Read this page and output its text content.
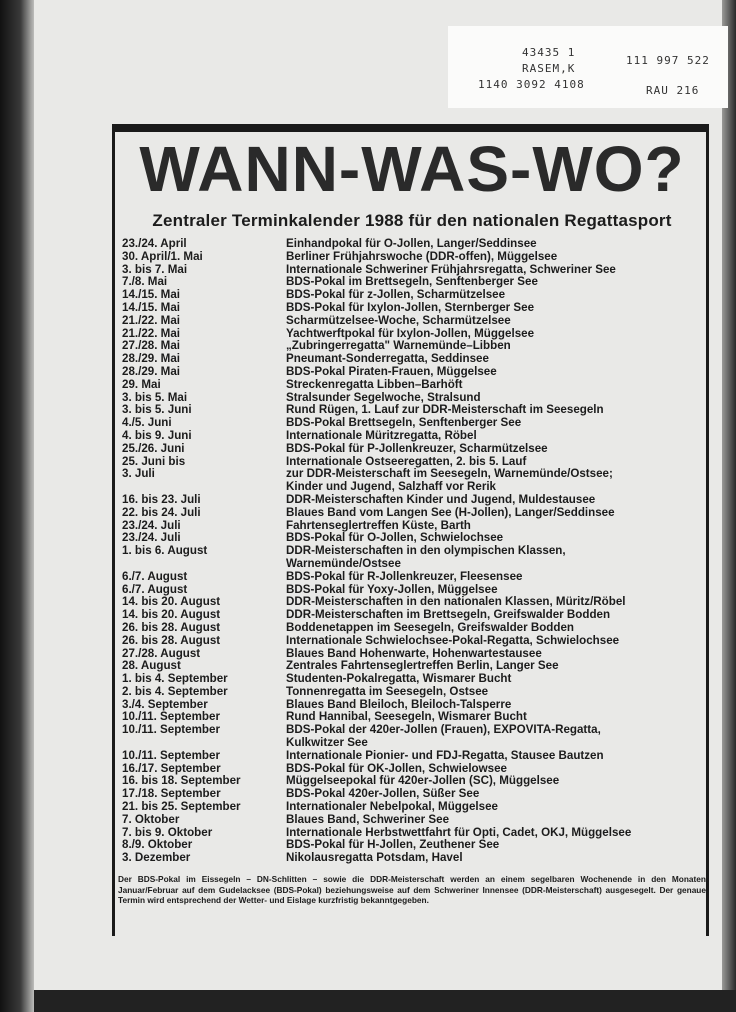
43435 1
111 997 522
RASEM,K
1140 3092 4108	RAU 216
WANN-WAS-WO?
Zentraler Terminkalender 1988 für den nationalen Regattasport
23./24. April	Einhandpokal für O-Jollen, Langer/Seddinsee
30. April/1. Mai	Berliner Frühjahrswoche (DDR-offen), Müggelsee
3. bis 7. Mai	Internationale Schweriner Frühjahrsregatta, Schweriner See
7./8. Mai	BDS-Pokal im Brettsegeln, Senftenberger See
14./15. Mai	BDS-Pokal für z-Jollen, Scharmützelsee
14./15. Mai	BDS-Pokal für Ixylon-Jollen, Sternberger See
21./22. Mai	Scharmützelsee-Woche, Scharmützelsee
21./22. Mai	Yachtwerftpokal für Ixylon-Jollen, Müggelsee
27./28. Mai	„Zubringerregatta" Warnemünde–Libben
28./29. Mai	Pneumant-Sonderregatta, Seddinsee
28./29. Mai	BDS-Pokal Piraten-Frauen, Müggelsee
29. Mai	Streckenregatta Libben–Barhöft
3. bis 5. Mai	Stralsunder Segelwoche, Stralsund
3. bis 5. Juni	Rund Rügen, 1. Lauf zur DDR-Meisterschaft im Seesegeln
4./5. Juni	BDS-Pokal Brettsegeln, Senftenberger See
4. bis 9. Juni	Internationale Müritzregatta, Röbel
25./26. Juni	BDS-Pokal für P-Jollenkreuzer, Scharmützelsee
25. Juni bis	Internationale Ostseeregatten, 2. bis 5. Lauf
3. Juli	zur DDR-Meisterschaft im Seesegeln, Warnemünde/Ostsee;
Kinder und Jugend, Salzhaff vor Rerik
16. bis 23. Juli	DDR-Meisterschaften Kinder und Jugend, Muldestausee
22. bis 24. Juli	Blaues Band vom Langen See (H-Jollen), Langer/Seddinsee
23./24. Juli	Fahrtenseglertreffen Küste, Barth
23./24. Juli	BDS-Pokal für O-Jollen, Schwielochsee
1. bis 6. August	DDR-Meisterschaften in den olympischen Klassen,
Warnemünde/Ostsee
6./7. August	BDS-Pokal für R-Jollenkreuzer, Fleesensee
6./7. August	BDS-Pokal für Yoxy-Jollen, Müggelsee
14. bis 20. August	DDR-Meisterschaften in den nationalen Klassen, Müritz/Röbel
14. bis 20. August	DDR-Meisterschaften im Brettsegeln, Greifswalder Bodden
26. bis 28. August	Boddenetappen im Seesegeln, Greifswalder Bodden
26. bis 28. August	Internationale Schwielochsee-Pokal-Regatta, Schwielochsee
27./28. August	Blaues Band Hohenwarte, Hohenwartestausee
28. August	Zentrales Fahrtenseglertreffen Berlin, Langer See
1. bis 4. September	Studenten-Pokalregatta, Wismarer Bucht
2. bis 4. September	Tonnenregatta im Seesegeln, Ostsee
3./4. September	Blaues Band Bleiloch, Bleiloch-Talsperre
10./11. September	Rund Hannibal, Seesegeln, Wismarer Bucht
10./11. September	BDS-Pokal der 420er-Jollen (Frauen), EXPOVITA-Regatta,
Kulkwitzer See
10./11. September	Internationale Pionier- und FDJ-Regatta, Stausee Bautzen
16./17. September	BDS-Pokal für OK-Jollen, Schwielowsee
16. bis 18. September	Müggelseepokal für 420er-Jollen (SC), Müggelsee
17./18. September	BDS-Pokal 420er-Jollen, Süßer See
21. bis 25. September	Internationaler Nebelpokal, Müggelsee
7. Oktober	Blaues Band, Schweriner See
7. bis 9. Oktober	Internationale Herbstwettfahrt für Opti, Cadet, OKJ, Müggelsee
8./9. Oktober	BDS-Pokal für H-Jollen, Zeuthener See
3. Dezember	Nikolausregatta Potsdam, Havel
Der BDS-Pokal im Eissegeln – DN-Schlitten – sowie die DDR-Meisterschaft werden an einem segelbaren Wochenende in den Monaten Januar/Februar auf dem Gudelacksee (BDS-Pokal) beziehungsweise auf dem Schweriner Innensee (DDR-Meisterschaft) ausgesegelt. Der genaue Termin wird entsprechend der Wetter- und Eislage kurzfristig bekanntgegeben.
